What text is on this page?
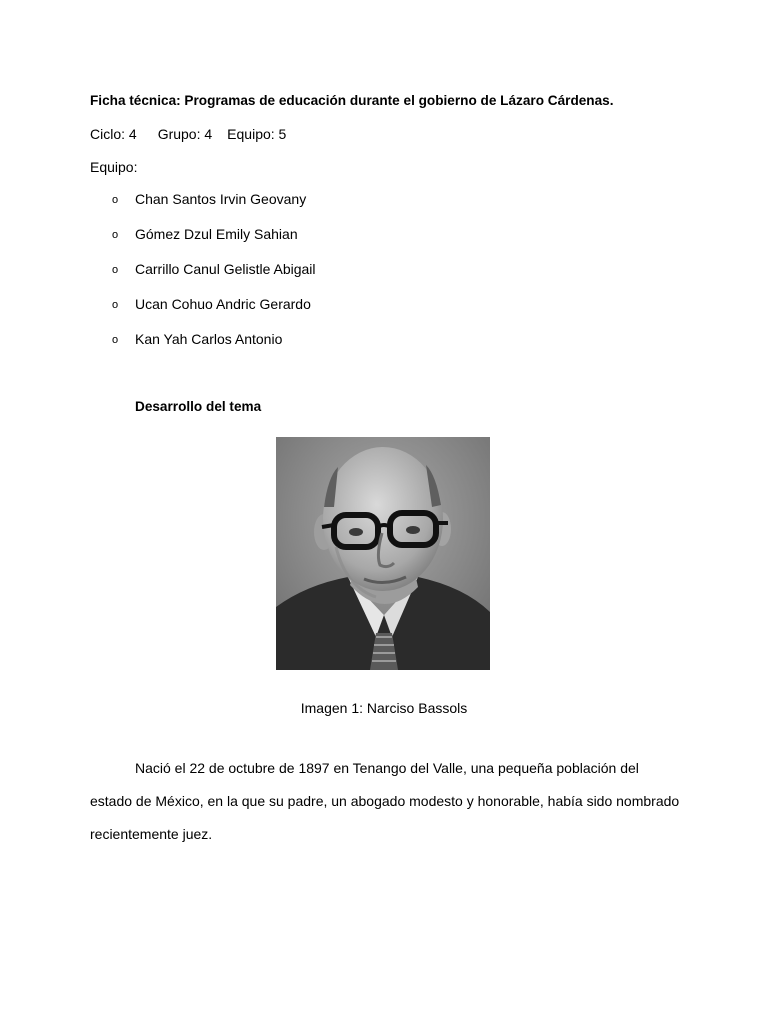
Ficha técnica: Programas de educación durante el gobierno de Lázaro Cárdenas.
Ciclo: 4 Grupo: 4 Equipo: 5
Equipo:
o Chan Santos Irvin Geovany
o Gómez Dzul Emily Sahian
o Carrillo Canul Gelistle Abigail
o Ucan Cohuo Andric Gerardo
o Kan Yah Carlos Antonio
Desarrollo del tema
Imagen 1: Narciso Bassols
Nació el 22 de octubre de 1897 en Tenango del Valle, una pequeña población del
estado de México, en la que su padre, un abogado modesto y honorable, había sido nombrado
recientemente juez.
